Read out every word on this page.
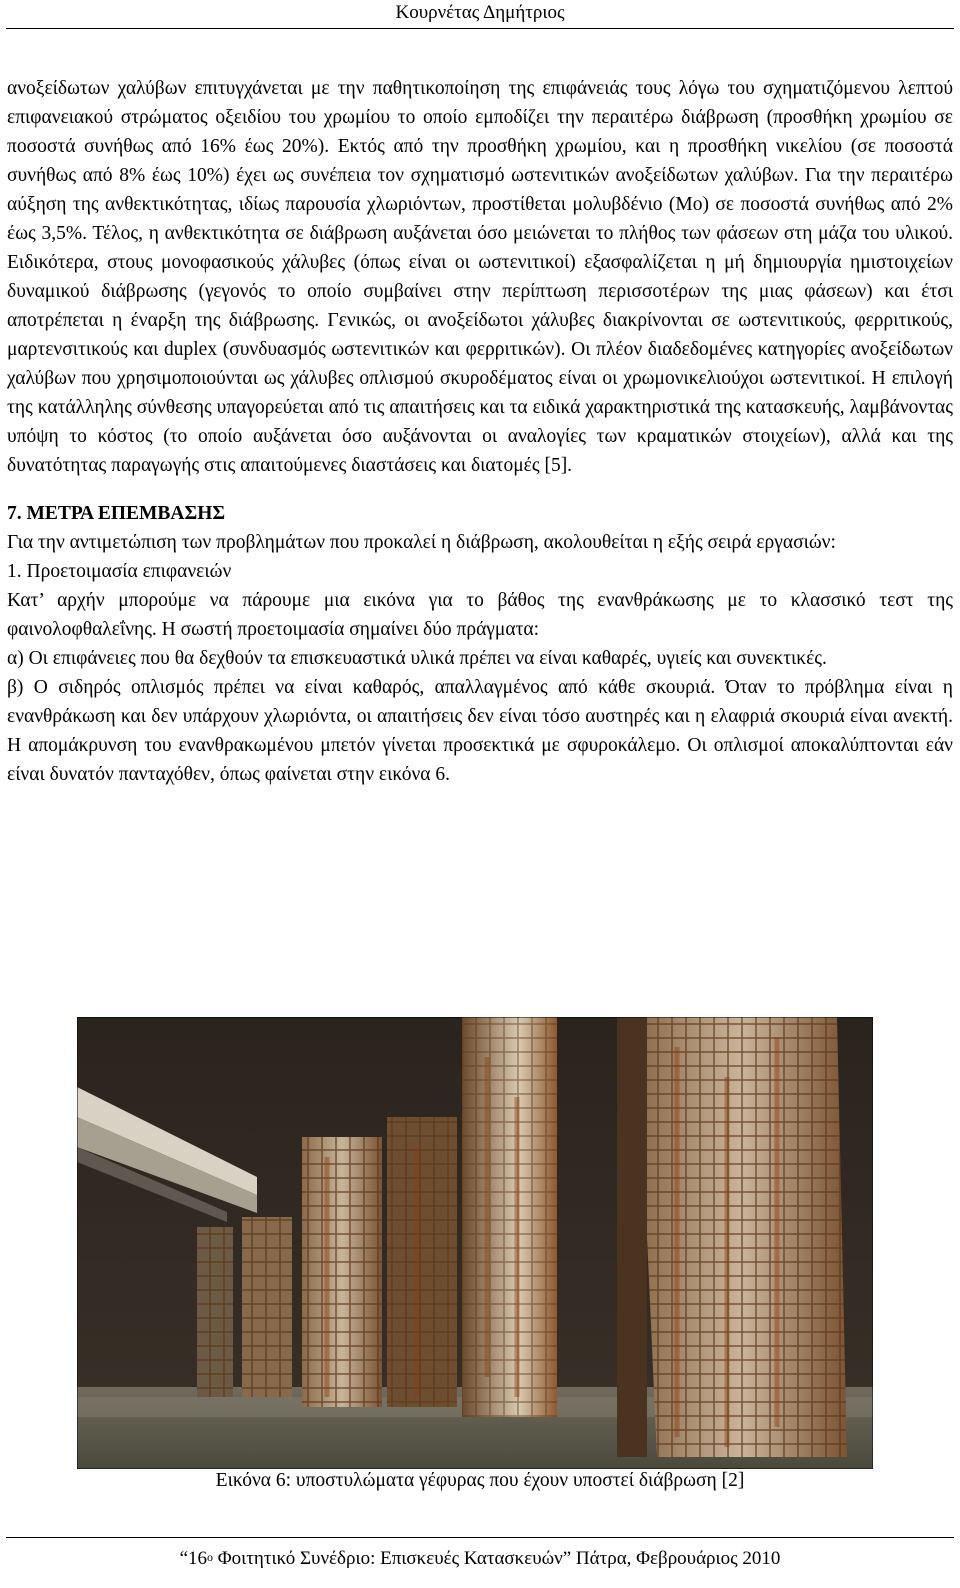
Κουρνέτας Δημήτριος

ανοξείδωτων χαλύβων επιτυγχάνεται με την παθητικοποίηση της επιφάνειάς τους λόγω του σχηματιζόμενου λεπτού επιφανειακού στρώματος οξειδίου του χρωμίου το οποίο εμποδίζει την περαιτέρω διάβρωση (προσθήκη χρωμίου σε ποσοστά συνήθως από 16% έως 20%). Εκτός από την προσθήκη χρωμίου, και η προσθήκη νικελίου (σε ποσοστά συνήθως από 8% έως 10%) έχει ως συνέπεια τον σχηματισμό ωστενιτικών ανοξείδωτων χαλύβων. Για την περαιτέρω αύξηση της ανθεκτικότητας, ιδίως παρουσία χλωριόντων, προστίθεται μολυβδένιο (Mo) σε ποσοστά συνήθως από 2% έως 3,5%. Τέλος, η ανθεκτικότητα σε διάβρωση αυξάνεται όσο μειώνεται το πλήθος των φάσεων στη μάζα του υλικού. Ειδικότερα, στους μονοφασικούς χάλυβες (όπως είναι οι ωστενιτικοί) εξασφαλίζεται η μή δημιουργία ημιστοιχείων δυναμικού διάβρωσης (γεγονός το οποίο συμβαίνει στην περίπτωση περισσοτέρων της μιας φάσεων) και έτσι αποτρέπεται η έναρξη της διάβρωσης. Γενικώς, οι ανοξείδωτοι χάλυβες διακρίνονται σε ωστενιτικούς, φερριτικούς, μαρτενσιτικούς και duplex (συνδυασμός ωστενιτικών και φερριτικών). Οι πλέον διαδεδομένες κατηγορίες ανοξείδωτων χαλύβων που χρησιμοποιούνται ως χάλυβες οπλισμού σκυροδέματος είναι οι χρωμονικελιούχοι ωστενιτικοί. Η επιλογή της κατάλληλης σύνθεσης υπαγορεύεται από τις απαιτήσεις και τα ειδικά χαρακτηριστικά της κατασκευής, λαμβάνοντας υπόψη το κόστος (το οποίο αυξάνεται όσο αυξάνονται οι αναλογίες των κραματικών στοιχείων), αλλά και της δυνατότητας παραγωγής στις απαιτούμενες διαστάσεις και διατομές [5].

7. ΜΕΤΡΑ ΕΠΕΜΒΑΣΗΣ

Για την αντιμετώπιση των προβλημάτων που προκαλεί η διάβρωση, ακολουθείται η εξής σειρά εργασιών:

1. Προετοιμασία επιφανειών

Κατ’ αρχήν μπορούμε να πάρουμε μια εικόνα για το βάθος της ενανθράκωσης με το κλασσικό τεστ της φαινολοφθαλεΐνης. Η σωστή προετοιμασία σημαίνει δύο πράγματα:

α) Οι επιφάνειες που θα δεχθούν τα επισκευαστικά υλικά πρέπει να είναι καθαρές, υγιείς και συνεκτικές.

β) Ο σιδηρός οπλισμός πρέπει να είναι καθαρός, απαλλαγμένος από κάθε σκουριά. Όταν το πρόβλημα είναι η ενανθράκωση και δεν υπάρχουν χλωριόντα, οι απαιτήσεις δεν είναι τόσο αυστηρές και η ελαφριά σκουριά είναι ανεκτή. Η απομάκρυνση του ενανθρακωμένου μπετόν γίνεται προσεκτικά με σφυροκάλεμο. Οι οπλισμοί αποκαλύπτονται εάν είναι δυνατόν πανταχόθεν, όπως φαίνεται στην εικόνα 6.

Εικόνα 6: υποστυλώματα γέφυρας που έχουν υποστεί διάβρωση [2]
“$16^o$ Φοιτητικό Συνέδριο: Επισκευές Κατασκευών” Πάτρα, Φεβρουάριος 2010
